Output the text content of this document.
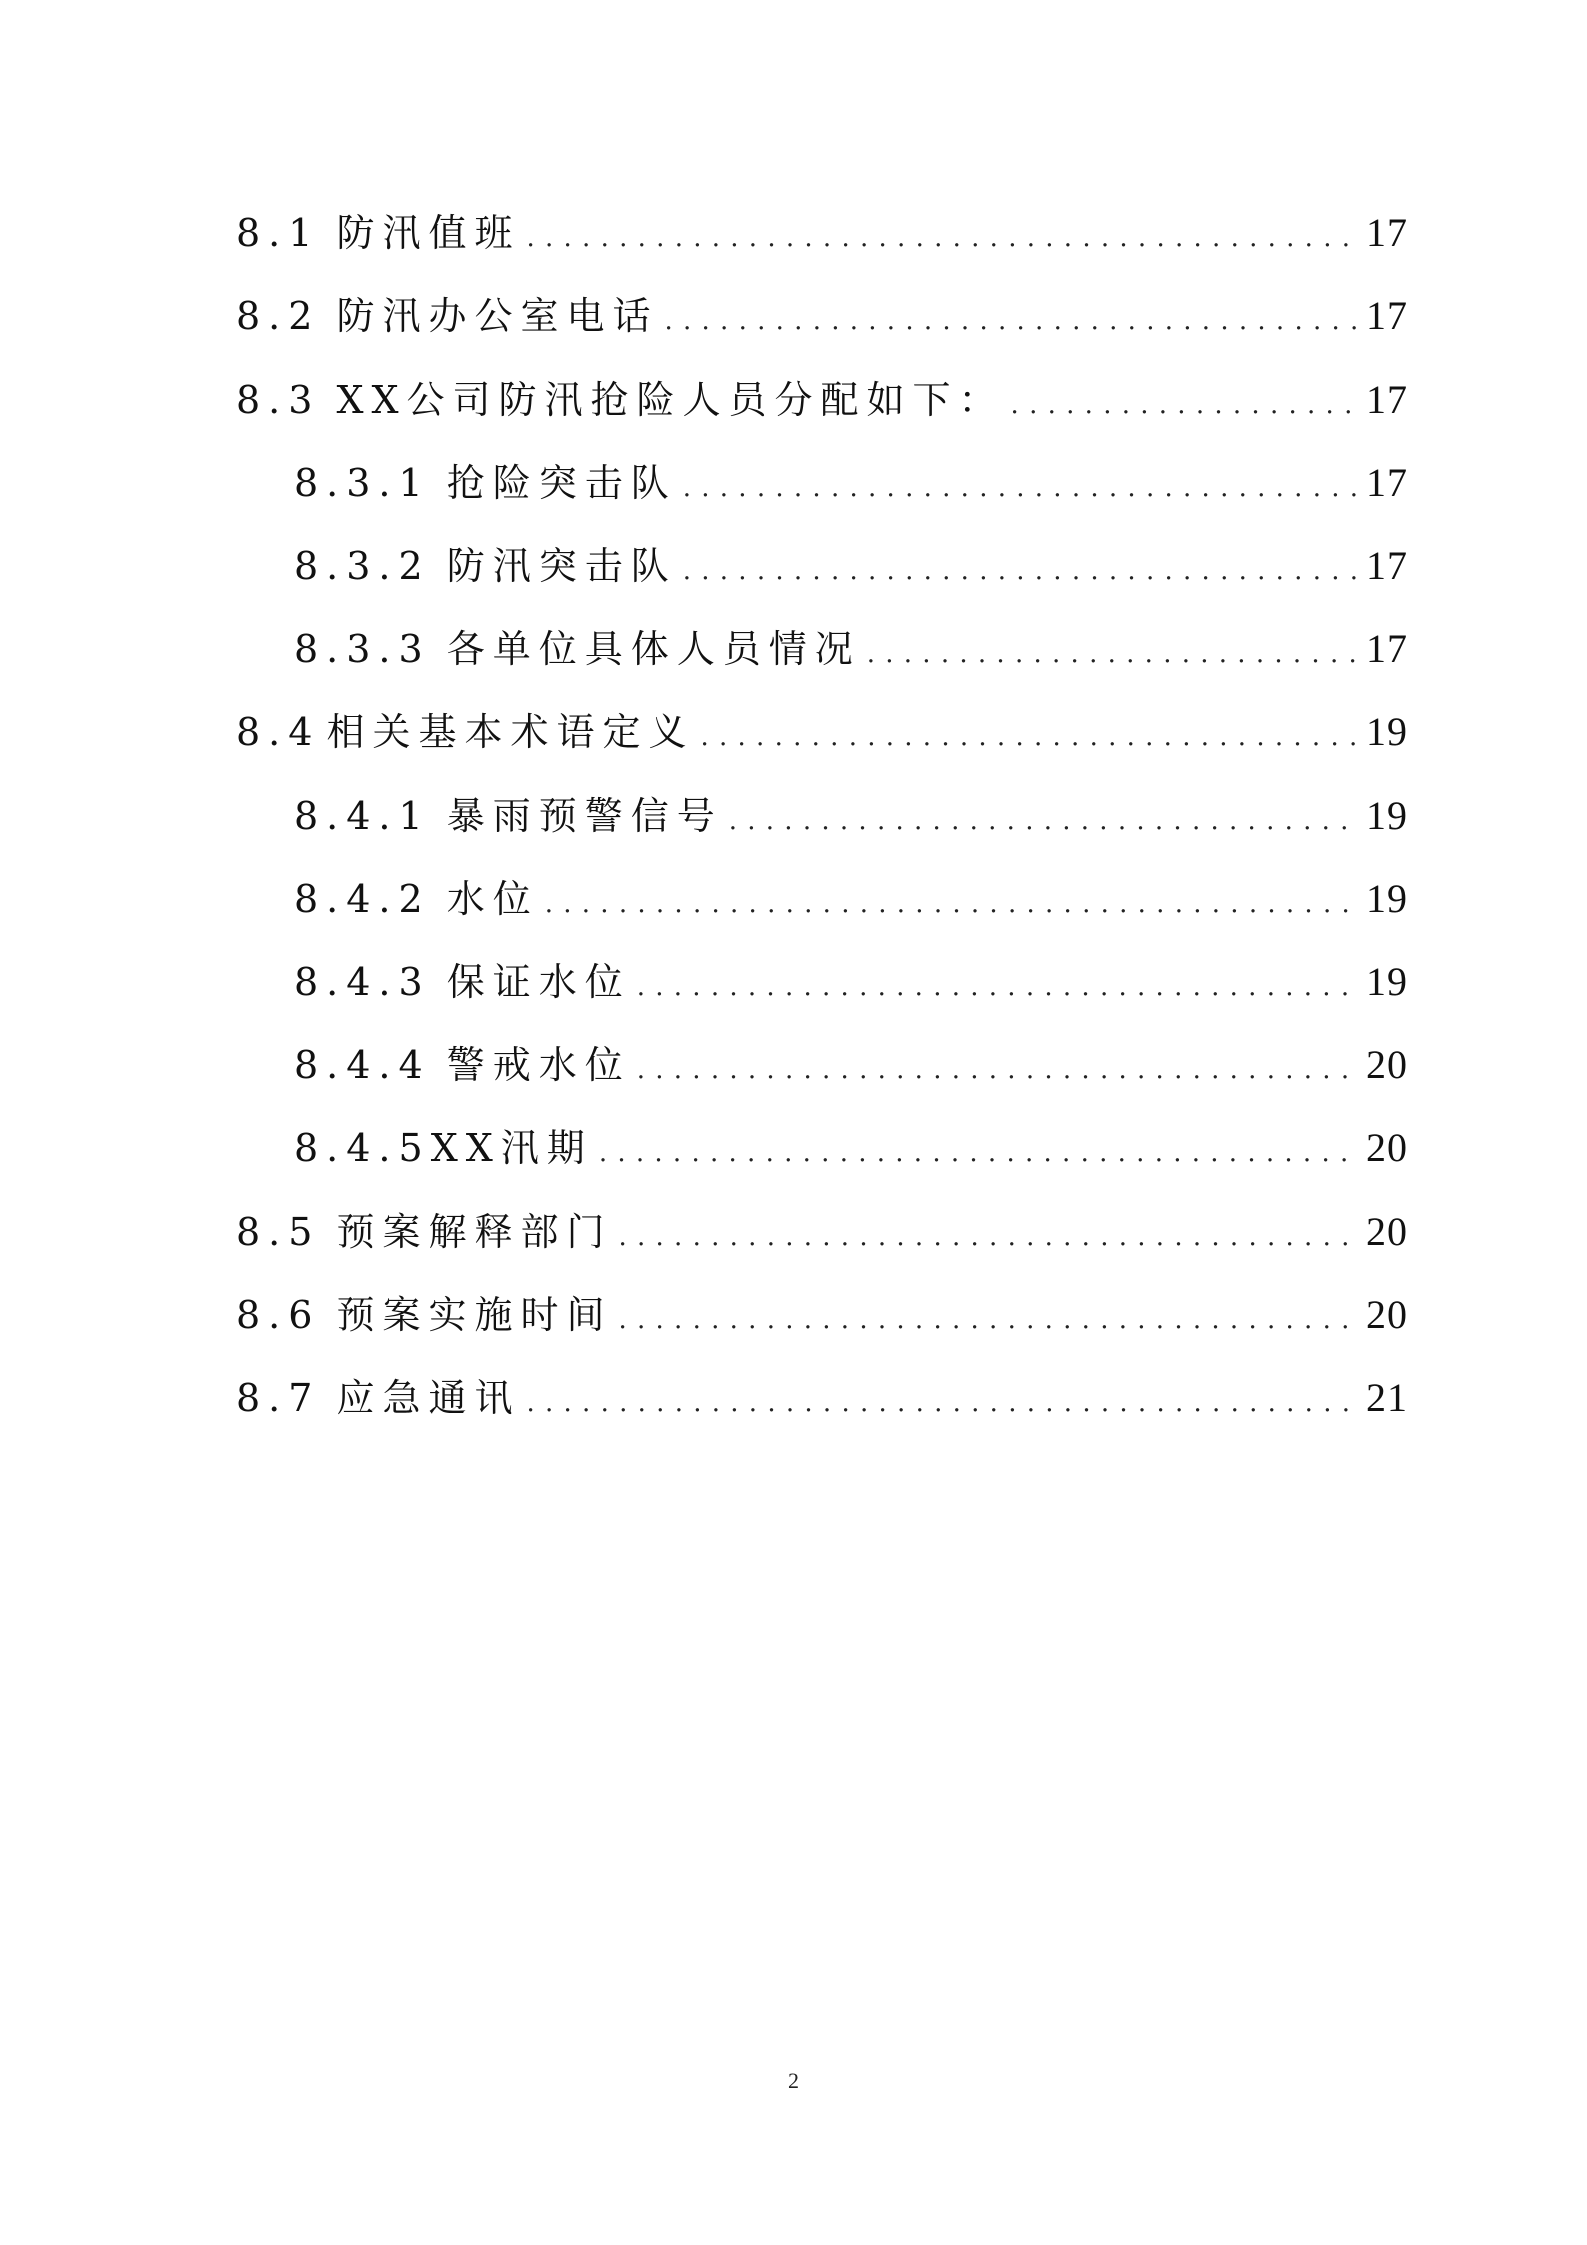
8.1 防汛值班 . . .	17
8.2 防汛办公室电话 . . .	17
8.3 XX公司防汛抢险人员分配如下： . . .	17
8.3.1 抢险突击队 . . .	17
8.3.2 防汛突击队 . . .	17
8.3.3 各单位具体人员情况 . . .	17
8.4 相关基本术语定义 . . .	19
8.4.1 暴雨预警信号 . . .	19
8.4.2 水位 . . .	19
8.4.3 保证水位 . . .	19
8.4.4 警戒水位 . . .	20
8.4.5 XX汛期 . . .	20
8.5 预案解释部门 . . .	20
8.6 预案实施时间 . . .	20
8.7 应急通讯 . . .	21
2
